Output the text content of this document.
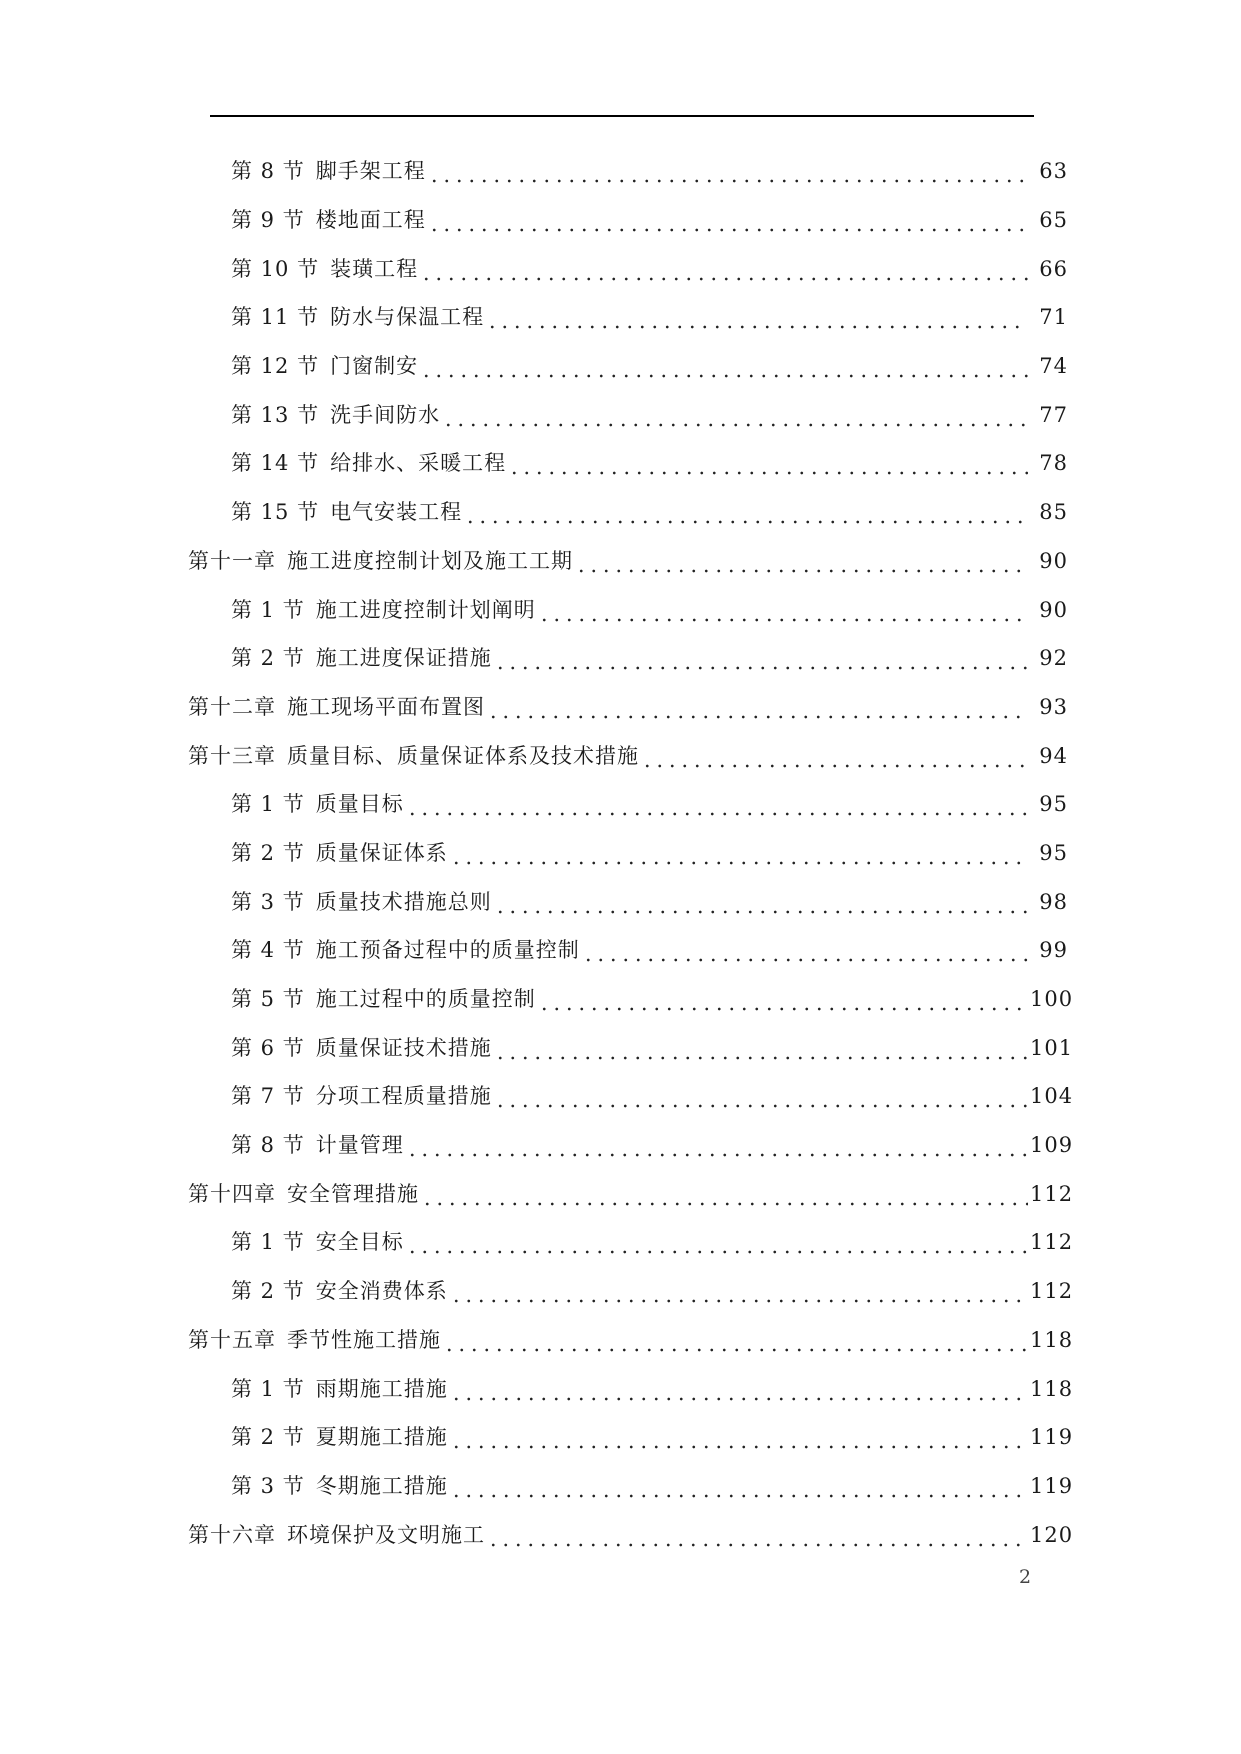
第 8 节 脚手架工程	63
第 9 节 楼地面工程	65
第 10 节 装璜工程	66
第 11 节 防水与保温工程	71
第 12 节 门窗制安	74
第 13 节 洗手间防水	77
第 14 节 给排水、采暖工程	78
第 15 节 电气安装工程	85
第十一章 施工进度控制计划及施工工期	90
第 1 节 施工进度控制计划阐明	90
第 2 节 施工进度保证措施	92
第十二章 施工现场平面布置图	93
第十三章 质量目标、质量保证体系及技术措施	94
第 1 节 质量目标	95
第 2 节 质量保证体系	95
第 3 节 质量技术措施总则	98
第 4 节 施工预备过程中的质量控制	99
第 5 节 施工过程中的质量控制	100
第 6 节 质量保证技术措施	101
第 7 节 分项工程质量措施	104
第 8 节 计量管理	109
第十四章 安全管理措施	112
第 1 节 安全目标	112
第 2 节 安全消费体系	112
第十五章 季节性施工措施	118
第 1 节 雨期施工措施	118
第 2 节 夏期施工措施	119
第 3 节 冬期施工措施	119
第十六章 环境保护及文明施工	120
2
